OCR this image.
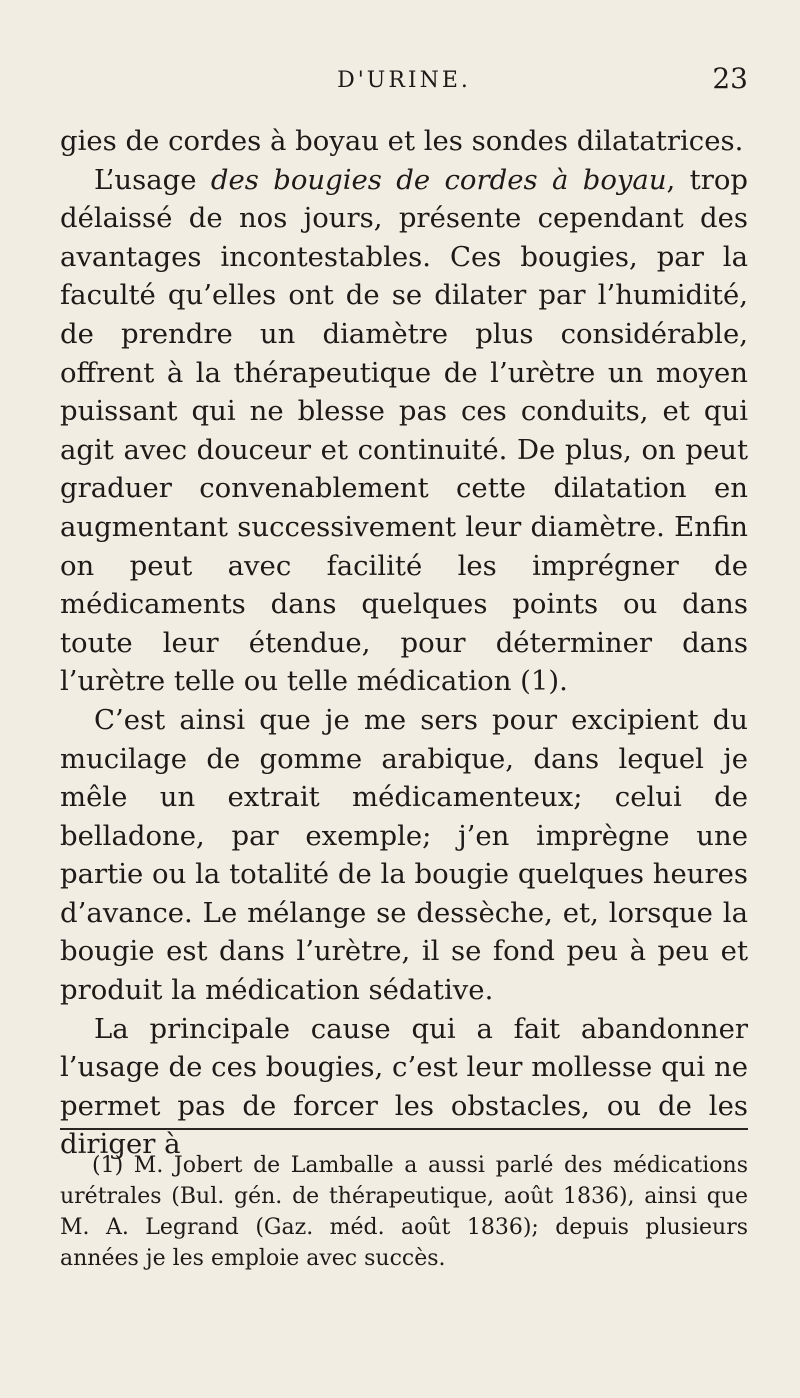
D'URINE.	23

gies de cordes à boyau et les sondes dilatatrices.

L’usage des bougies de cordes à boyau, trop délaissé de nos jours, présente cependant des avantages incontestables. Ces bougies, par la faculté qu’elles ont de se dilater par l’humidité, de prendre un diamètre plus considérable, offrent à la thérapeutique de l’urètre un moyen puissant qui ne blesse pas ces conduits, et qui agit avec douceur et continuité. De plus, on peut graduer convenablement cette dilatation en augmentant successivement leur diamètre. Enfin on peut avec facilité les imprégner de médicaments dans quelques points ou dans toute leur étendue, pour déterminer dans l’urètre telle ou telle médication (1).

C’est ainsi que je me sers pour excipient du mucilage de gomme arabique, dans lequel je mêle un extrait médicamenteux; celui de belladone, par exemple; j’en imprègne une partie ou la totalité de la bougie quelques heures d’avance. Le mélange se dessèche, et, lorsque la bougie est dans l’urètre, il se fond peu à peu et produit la médication sédative.

La principale cause qui a fait abandonner l’usage de ces bougies, c’est leur mollesse qui ne permet pas de forcer les obstacles, ou de les diriger à

(1) M. Jobert de Lamballe a aussi parlé des médications urétrales (Bul. gén. de thérapeutique, août 1836), ainsi que M. A. Legrand (Gaz. méd. août 1836); depuis plusieurs années je les emploie avec succès.
